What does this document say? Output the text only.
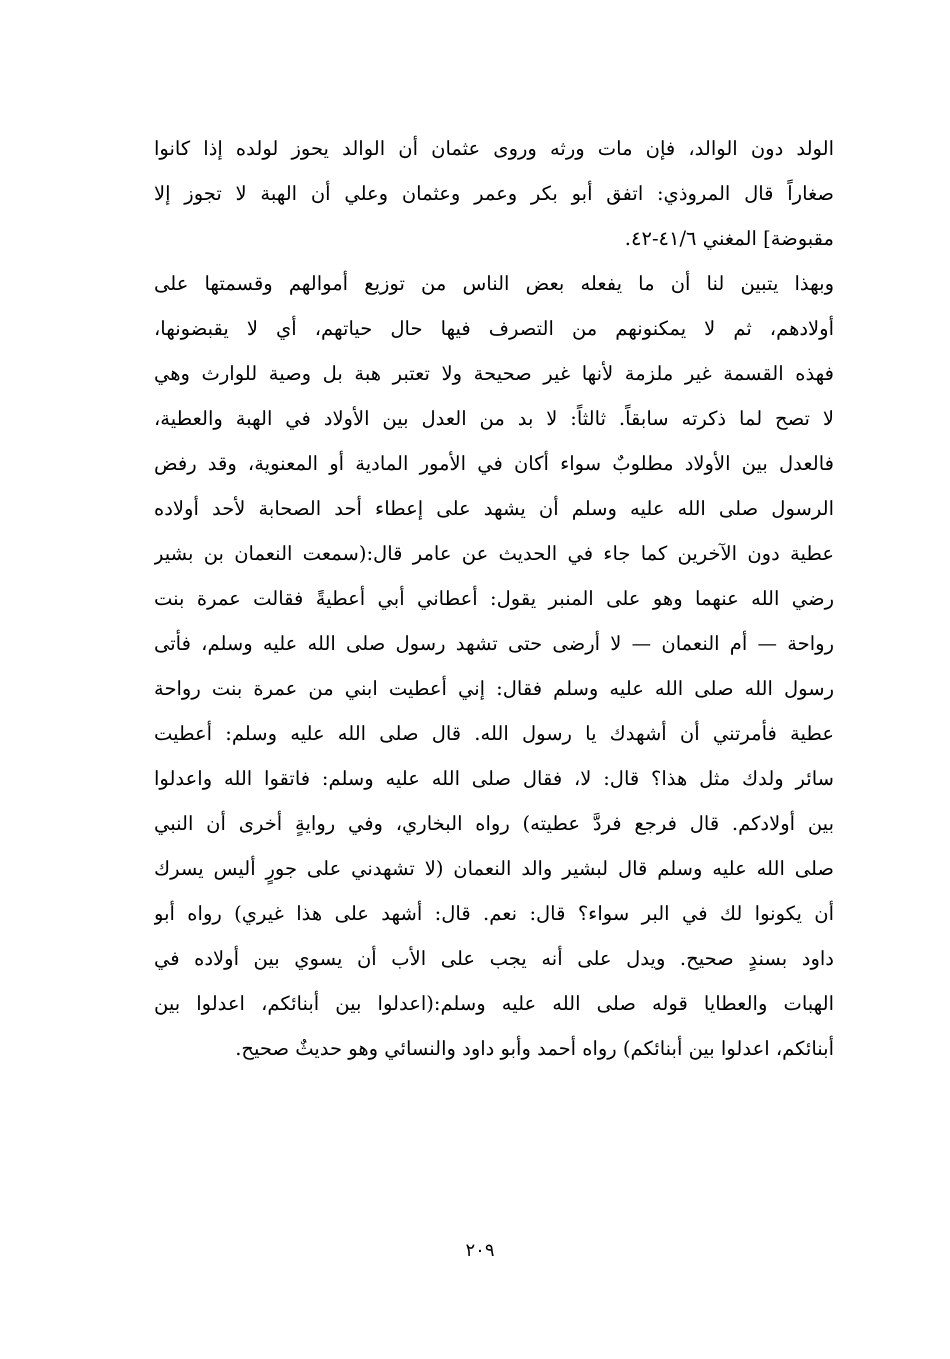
الولد دون الوالد، فإن مات ورثه وروى عثمان أن الوالد يحوز لولده إذا كانوا
صغاراً قال المروذي: اتفق أبو بكر وعمر وعثمان وعلي أن الهبة لا تجوز إلا
مقبوضة] المغني ٤١/٦-٤٢.
وبهذا يتبين لنا أن ما يفعله بعض الناس من توزيع أموالهم وقسمتها على
أولادهم، ثم لا يمكنونهم من التصرف فيها حال حياتهم، أي لا يقبضونها،
فهذه القسمة غير ملزمة لأنها غير صحيحة ولا تعتبر هبة بل وصية للوارث وهي
لا تصح لما ذكرته سابقاً. ثالثاً: لا بد من العدل بين الأولاد في الهبة والعطية،
فالعدل بين الأولاد مطلوبٌ سواء أكان في الأمور المادية أو المعنوية، وقد رفض
الرسول صلى الله عليه وسلم أن يشهد على إعطاء أحد الصحابة لأحد أولاده
عطية دون الآخرين كما جاء في الحديث عن عامر قال:(سمعت النعمان بن بشير
رضي الله عنهما وهو على المنبر يقول: أعطاني أبي أعطيةً فقالت عمرة بنت
رواحة — أم النعمان — لا أرضى حتى تشهد رسول صلى الله عليه وسلم، فأتى
رسول الله صلى الله عليه وسلم فقال: إني أعطيت ابني من عمرة بنت رواحة
عطية فأمرتني أن أشهدك يا رسول الله. قال صلى الله عليه وسلم: أعطيت
سائر ولدك مثل هذا؟ قال: لا، فقال صلى الله عليه وسلم: فاتقوا الله واعدلوا
بين أولادكم. قال فرجع فردَّ عطيته) رواه البخاري، وفي روايةٍ أخرى أن النبي
صلى الله عليه وسلم قال لبشير والد النعمان (لا تشهدني على جورٍ أليس يسرك
أن يكونوا لك في البر سواء؟ قال: نعم. قال: أشهد على هذا غيري) رواه أبو
داود بسندٍ صحيح. ويدل على أنه يجب على الأب أن يسوي بين أولاده في
الهبات والعطايا قوله صلى الله عليه وسلم:(اعدلوا بين أبنائكم، اعدلوا بين
أبنائكم، اعدلوا بين أبنائكم) رواه أحمد وأبو داود والنسائي وهو حديثٌ صحيح.
٢٠٩
